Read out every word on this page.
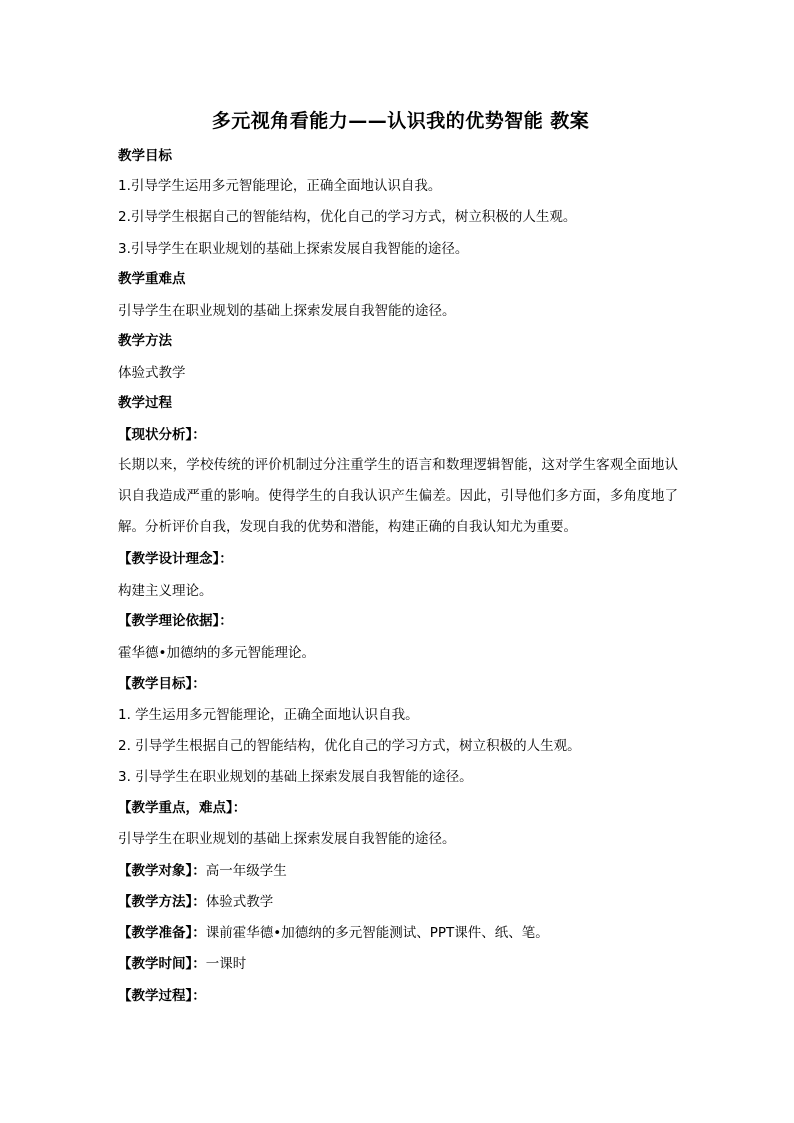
多元视角看能力——认识我的优势智能 教案
教学目标
1.引导学生运用多元智能理论，正确全面地认识自我。
2.引导学生根据自己的智能结构，优化自己的学习方式，树立积极的人生观。
3.引导学生在职业规划的基础上探索发展自我智能的途径。
教学重难点
引导学生在职业规划的基础上探索发展自我智能的途径。
教学方法
体验式教学
教学过程
【现状分析】：
长期以来，学校传统的评价机制过分注重学生的语言和数理逻辑智能，这对学生客观全面地认识自我造成严重的影响。使得学生的自我认识产生偏差。因此，引导他们多方面，多角度地了解。分析评价自我，发现自我的优势和潜能，构建正确的自我认知尤为重要。
【教学设计理念】：
构建主义理论。
【教学理论依据】：
霍华德•加德纳的多元智能理论。
【教学目标】：
1. 学生运用多元智能理论，正确全面地认识自我。
2. 引导学生根据自己的智能结构，优化自己的学习方式，树立积极的人生观。
3. 引导学生在职业规划的基础上探索发展自我智能的途径。
【教学重点，难点】：
引导学生在职业规划的基础上探索发展自我智能的途径。
【教学对象】：高一年级学生
【教学方法】：体验式教学
【教学准备】：课前霍华德•加德纳的多元智能测试、PPT课件、纸、笔。
【教学时间】：一课时
【教学过程】：
